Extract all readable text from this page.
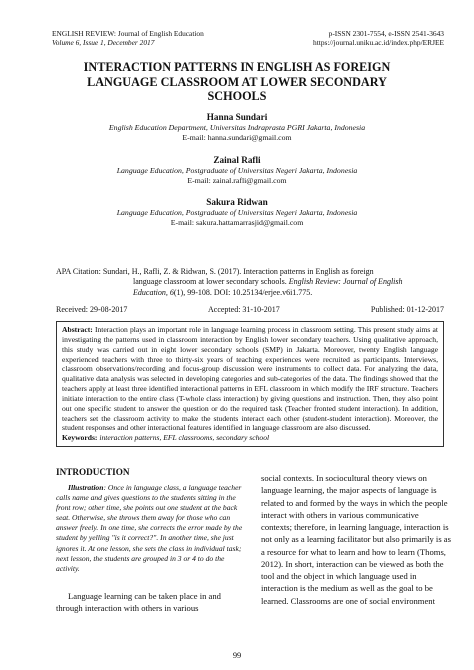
ENGLISH REVIEW: Journal of English Education	p-ISSN 2301-7554, e-ISSN 2541-3643
Volume 6, Issue 1, December 2017	https://journal.uniku.ac.id/index.php/ERJEE
INTERACTION PATTERNS IN ENGLISH AS FOREIGN
LANGUAGE CLASSROOM AT LOWER SECONDARY
SCHOOLS
Hanna Sundari
English Education Department, Universitas Indraprasta PGRI Jakarta, Indonesia
E-mail: hanna.sundari@gmail.com
Zainal Rafli
Language Education, Postgraduate of Universitas Negeri Jakarta, Indonesia
E-mail: zainal.rafli@gmail.com
Sakura Ridwan
Language Education, Postgraduate of Universitas Negeri Jakarta, Indonesia
E-mail: sakura.hattamarrasjid@gmail.com
APA Citation: Sundari, H., Rafli, Z. & Ridwan, S. (2017). Interaction patterns in English as foreign
language classroom at lower secondary schools. English Review: Journal of English
Education, 6(1), 99-108. DOI: 10.25134/erjee.v6i1.775.
Received: 29-08-2017	Accepted: 31-10-2017	Published: 01-12-2017
Abstract: Interaction plays an important role in language learning process in classroom setting. This present study aims at investigating the patterns used in classroom interaction by English lower secondary teachers. Using qualitative approach, this study was carried out in eight lower secondary schools (SMP) in Jakarta. Moreover, twenty English language experienced teachers with three to thirty-six years of teaching experiences were recruited as participants. Interviews, classroom observations/recording and focus-group discussion were instruments to collect data. For analyzing the data, qualitative data analysis was selected in developing categories and sub-categories of the data. The findings showed that the teachers apply at least three identified interactional patterns in EFL classroom in which modify the IRF structure. Teachers initiate interaction to the entire class (T-whole class interaction) by giving questions and instruction. Then, they also point out one specific student to answer the question or do the required task (Teacher fronted student interaction). In addition, teachers set the classroom activity to make the students interact each other (student-student interaction). Moreover, the student responses and other interactional features identified in language classroom are also discussed.
Keywords: interaction patterns, EFL classrooms, secondary school
INTRODUCTION
Illustration: Once in language class, a language teacher calls name and gives questions to the students sitting in the front row; other time, she points out one student at the back seat. Otherwise, she throws them away for those who can answer freely. In one time, she corrects the error made by the student by yelling "is it correct?". In another time, she just ignores it. At one lesson, she sets the class in individual task; next lesson, the students are grouped in 3 or 4 to do the activity.
Language learning can be taken place in and through interaction with others in various
social contexts. In sociocultural theory views on language learning, the major aspects of language is related to and formed by the ways in which the people interact with others in various communicative contexts; therefore, in learning language, interaction is not only as a learning facilitator but also primarily is as a resource for what to learn and how to learn (Thoms, 2012). In short, interaction can be viewed as both the tool and the object in which language used in interaction is the medium as well as the goal to be learned. Classrooms are one of social environment
99
